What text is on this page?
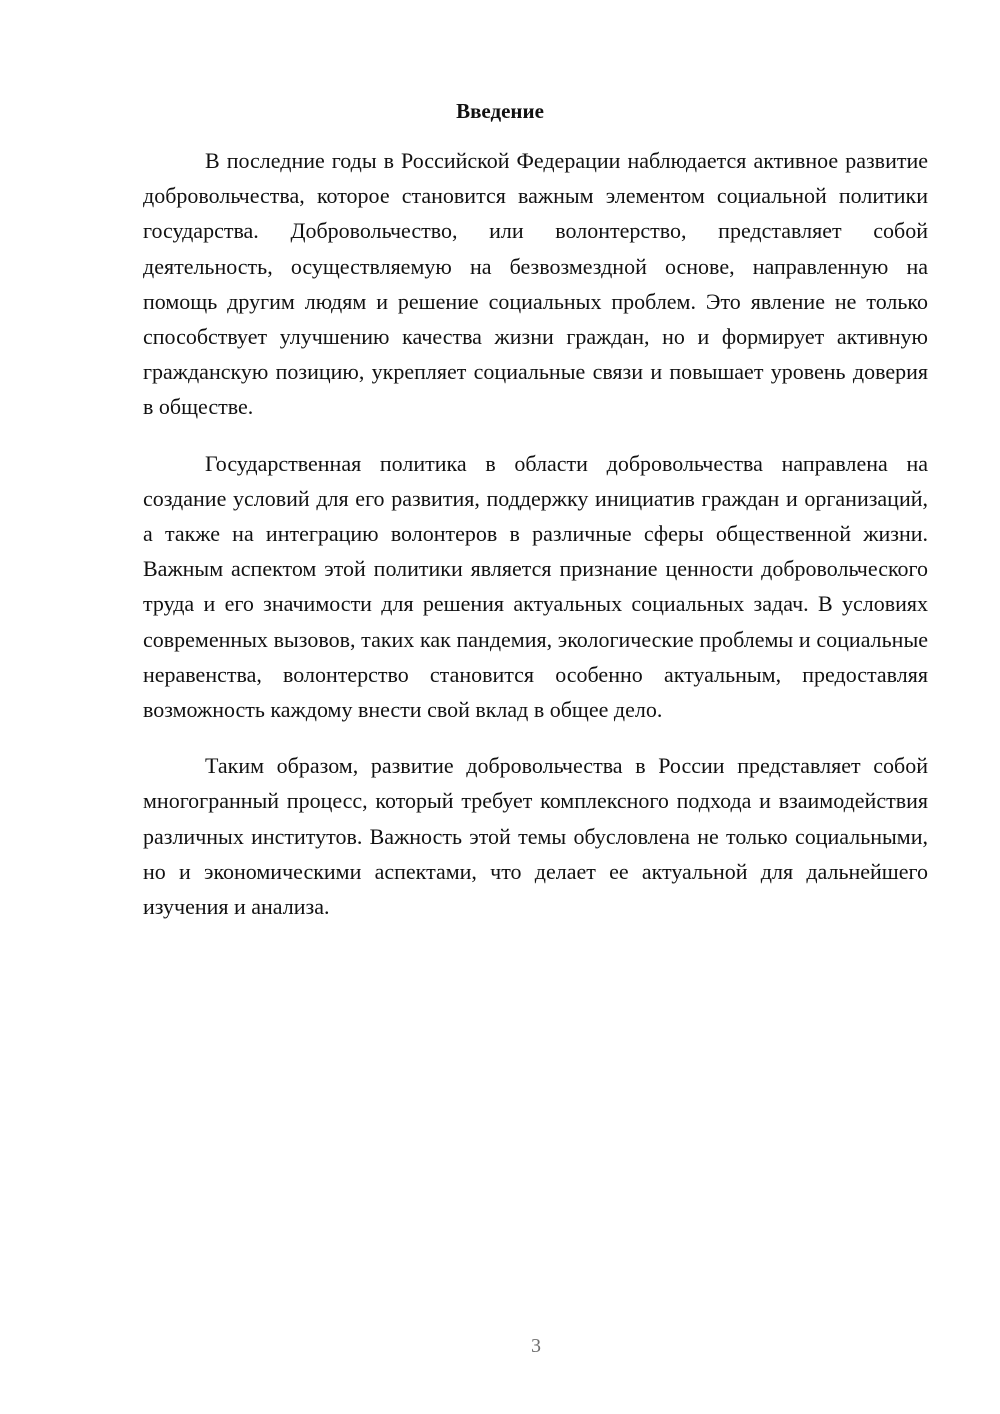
Введение

В последние годы в Российской Федерации наблюдается активное развитие добровольчества, которое становится важным элементом социальной политики государства. Добровольчество, или волонтерство, представляет собой деятельность, осуществляемую на безвозмездной основе, направленную на помощь другим людям и решение социальных проблем. Это явление не только способствует улучшению качества жизни граждан, но и формирует активную гражданскую позицию, укрепляет социальные связи и повышает уровень доверия в обществе.

Государственная политика в области добровольчества направлена на создание условий для его развития, поддержку инициатив граждан и организаций, а также на интеграцию волонтеров в различные сферы общественной жизни. Важным аспектом этой политики является признание ценности добровольческого труда и его значимости для решения актуальных социальных задач. В условиях современных вызовов, таких как пандемия, экологические проблемы и социальные неравенства, волонтерство становится особенно актуальным, предоставляя возможность каждому внести свой вклад в общее дело.

Таким образом, развитие добровольчества в России представляет собой многогранный процесс, который требует комплексного подхода и взаимодействия различных институтов. Важность этой темы обусловлена не только социальными, но и экономическими аспектами, что делает ее актуальной для дальнейшего изучения и анализа.

3
